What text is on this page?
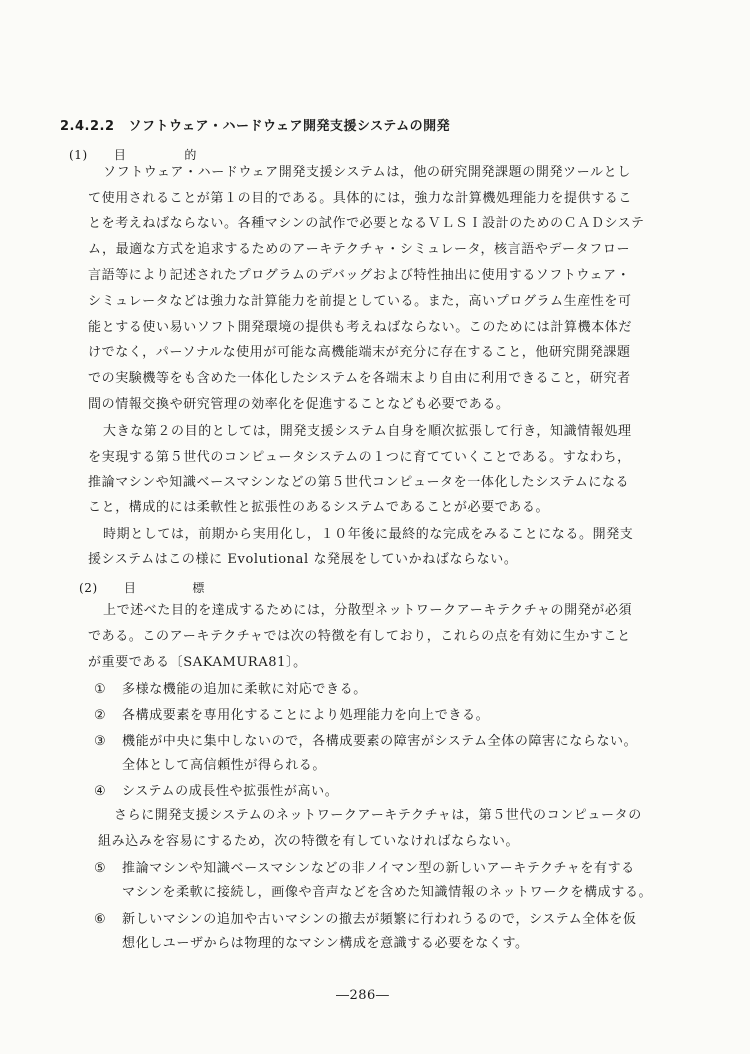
2.4.2.2 ソフトウェア・ハードウェア開発支援システムの開発
(1) 目	的
ソフトウェア・ハードウェア開発支援システムは，他の研究開発課題の開発ツールとし
て使用されることが第１の目的である。具体的には，強力な計算機処理能力を提供するこ
とを考えねばならない。各種マシンの試作で必要となるＶＬＳＩ設計のためのＣＡＤシステ
ム，最適な方式を追求するためのアーキテクチャ・シミュレータ，核言語やデータフロー
言語等により記述されたプログラムのデバッグおよび特性抽出に使用するソフトウェア・
シミュレータなどは強力な計算能力を前提としている。また，高いプログラム生産性を可
能とする使い易いソフト開発環境の提供も考えねばならない。このためには計算機本体だ
けでなく，パーソナルな使用が可能な高機能端末が充分に存在すること，他研究開発課題
での実験機等をも含めた一体化したシステムを各端末より自由に利用できること，研究者
間の情報交換や研究管理の効率化を促進することなども必要である。
大きな第２の目的としては，開発支援システム自身を順次拡張して行き，知識情報処理
を実現する第５世代のコンピュータシステムの１つに育てていくことである。すなわち，
推論マシンや知識ベースマシンなどの第５世代コンピュータを一体化したシステムになる
こと，構成的には柔軟性と拡張性のあるシステムであることが必要である。
時期としては，前期から実用化し，１０年後に最終的な完成をみることになる。開発支
援システムはこの様に Evolutional な発展をしていかねばならない。
(2) 目	標
上で述べた目的を達成するためには，分散型ネットワークアーキテクチャの開発が必須
である。このアーキテクチャでは次の特徴を有しており，これらの点を有効に生かすこと
が重要である〔SAKAMURA81〕。
① 多様な機能の追加に柔軟に対応できる。
② 各構成要素を専用化することにより処理能力を向上できる。
③ 機能が中央に集中しないので，各構成要素の障害がシステム全体の障害にならない。
全体として高信頼性が得られる。
④ システムの成長性や拡張性が高い。
さらに開発支援システムのネットワークアーキテクチャは，第５世代のコンピュータの
組み込みを容易にするため，次の特徴を有していなければならない。
⑤ 推論マシンや知識ベースマシンなどの非ノイマン型の新しいアーキテクチャを有する
マシンを柔軟に接続し，画像や音声などを含めた知識情報のネットワークを構成する。
⑥ 新しいマシンの追加や古いマシンの撤去が頻繁に行われうるので，システム全体を仮
想化しユーザからは物理的なマシン構成を意識する必要をなくす。
―286―
